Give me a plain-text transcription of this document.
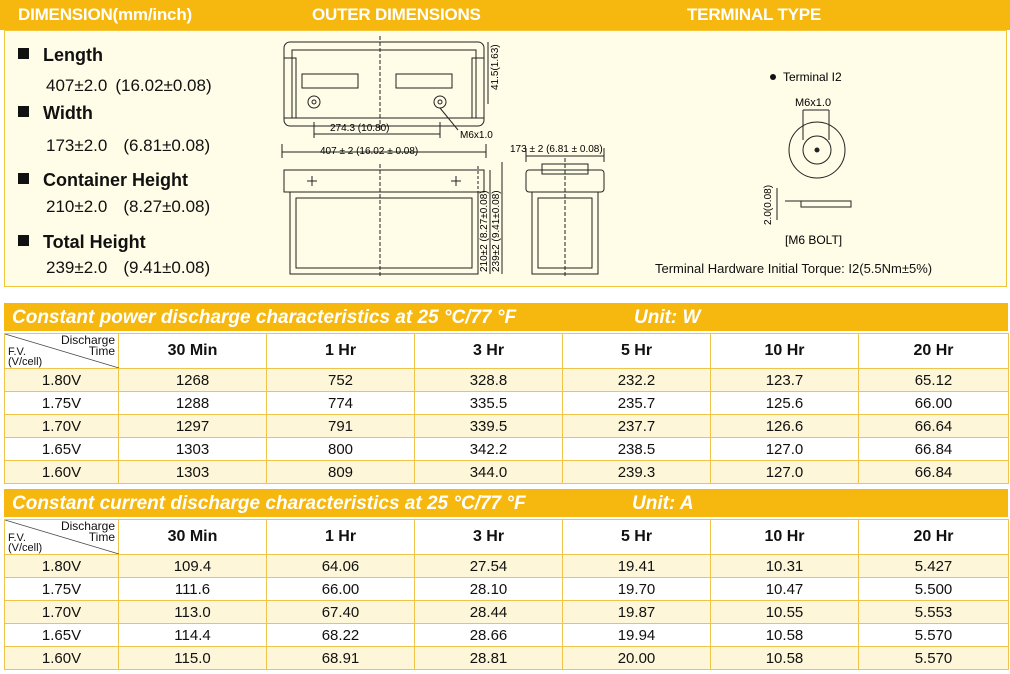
DIMENSION(mm/inch)	OUTER DIMENSIONS	TERMINAL TYPE
Length
407±2.0 (16.02±0.08)
Width
173±2.0 (6.81±0.08)
Container Height
210±2.0 (8.27±0.08)
Total Height
239±2.0 (9.41±0.08)
274.3 (10.80)
M6x1.0
407 ± 2 (16.02 ± 0.08)	173 ± 2 (6.81 ± 0.08)
41.5(1.63)
210±2 (8.27±0.08) 239±2 (9.41±0.08)
Terminal I2
M6x1.0
2.0(0.08)
[M6 BOLT]
Terminal Hardware Initial Torque: I2(5.5Nm±5%)
Constant power discharge characteristics at 25 °C/77 °F	Unit: W
Discharge
Time
F.V.
(V/cell)	30 Min	1 Hr	3 Hr	5 Hr	10 Hr	20 Hr
1.80V	1268	752	328.8	232.2	123.7	65.12
1.75V	1288	774	335.5	235.7	125.6	66.00
1.70V	1297	791	339.5	237.7	126.6	66.64
1.65V	1303	800	342.2	238.5	127.0	66.84
1.60V	1303	809	344.0	239.3	127.0	66.84
Constant current discharge characteristics at 25 °C/77 °F	Unit: A
Discharge
Time
F.V.
(V/cell)	30 Min	1 Hr	3 Hr	5 Hr	10 Hr	20 Hr
1.80V	109.4	64.06	27.54	19.41	10.31	5.427
1.75V	111.6	66.00	28.10	19.70	10.47	5.500
1.70V	113.0	67.40	28.44	19.87	10.55	5.553
1.65V	114.4	68.22	28.66	19.94	10.58	5.570
1.60V	115.0	68.91	28.81	20.00	10.58	5.570
